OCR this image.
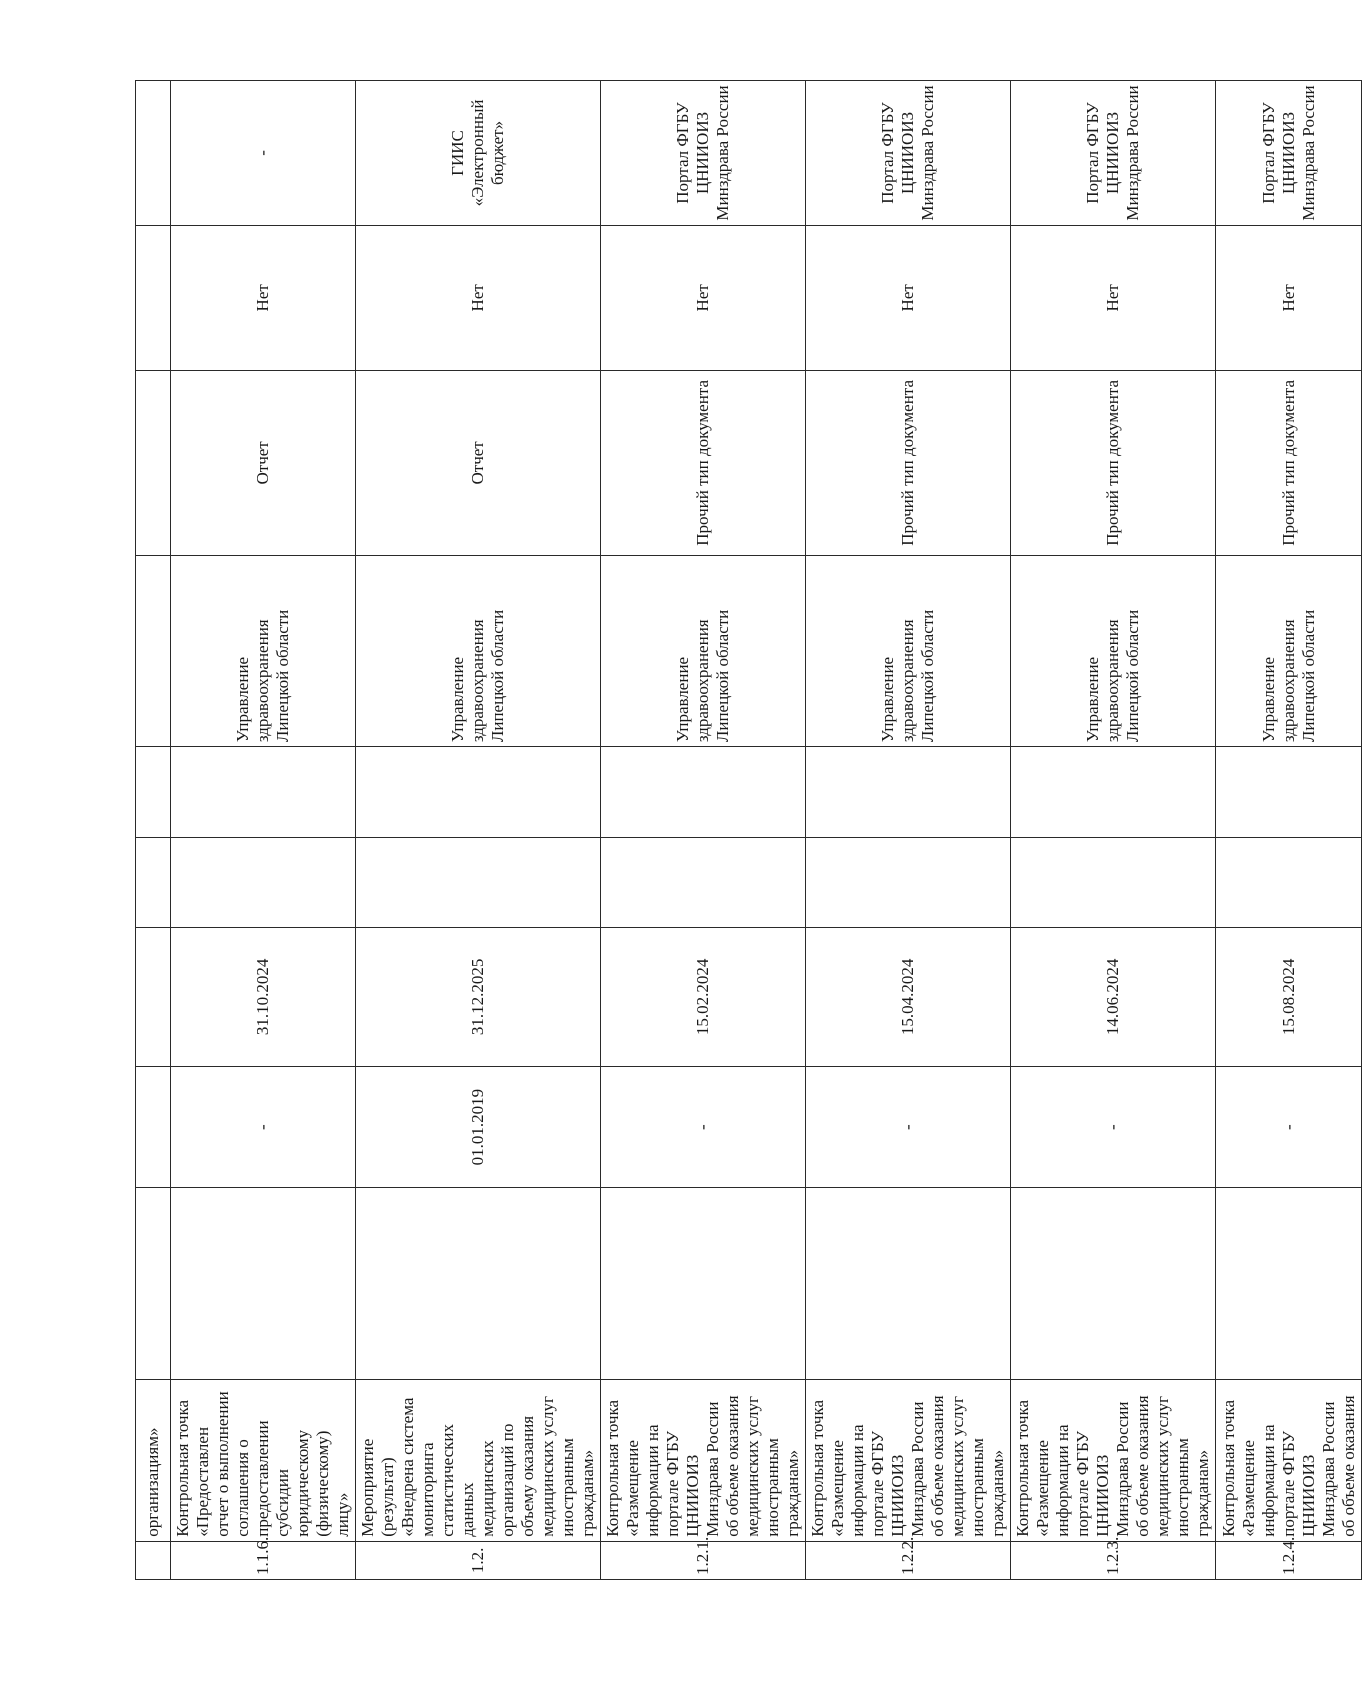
	организациям»									
1.1.6.	Контрольная точка «Предоставлен отчет о выполнении соглашения о предоставлении субсидии юридическому (физическому) лицу»		-	31.10.2024			Управление здравоохранения Липецкой области	Отчет	Нет	-
1.2.	Мероприятие (результат) «Внедрена система мониторинга статистических данных медицинских организаций по объему оказания медицинских услуг иностранным гражданам»		01.01.2019	31.12.2025			Управление здравоохранения Липецкой области	Отчет	Нет	ГИИС «Электронный бюджет»
1.2.1.	Контрольная точка «Размещение информации на портале ФГБУ ЦНИИОИЗ Минздрава России об объеме оказания медицинских услуг иностранным гражданам»		-	15.02.2024			Управление здравоохранения Липецкой области	Прочий тип документа	Нет	Портал ФГБУ ЦНИИОИЗ Минздрава России
1.2.2.	Контрольная точка «Размещение информации на портале ФГБУ ЦНИИОИЗ Минздрава России об объеме оказания медицинских услуг иностранным гражданам»		-	15.04.2024			Управление здравоохранения Липецкой области	Прочий тип документа	Нет	Портал ФГБУ ЦНИИОИЗ Минздрава России
1.2.3.	Контрольная точка «Размещение информации на портале ФГБУ ЦНИИОИЗ Минздрава России об объеме оказания медицинских услуг иностранным гражданам»		-	14.06.2024			Управление здравоохранения Липецкой области	Прочий тип документа	Нет	Портал ФГБУ ЦНИИОИЗ Минздрава России
1.2.4.	Контрольная точка «Размещение информации на портале ФГБУ ЦНИИОИЗ Минздрава России об объеме оказания		-	15.08.2024			Управление здравоохранения Липецкой области	Прочий тип документа	Нет	Портал ФГБУ ЦНИИОИЗ Минздрава России
